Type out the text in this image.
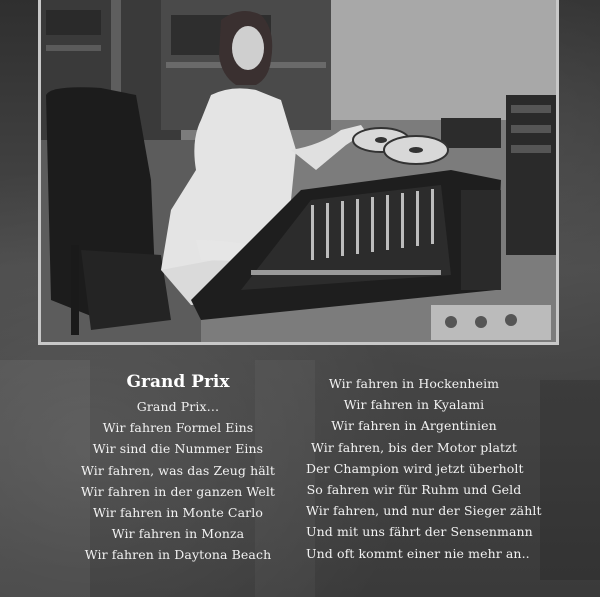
Grand Prix
Grand Prix…
Wir fahren Formel Eins
Wir sind die Nummer Eins
Wir fahren, was das Zeug hält
Wir fahren in der ganzen Welt
Wir fahren in Monte Carlo
Wir fahren in Monza
Wir fahren in Daytona Beach
Wir fahren in Hockenheim
Wir fahren in Kyalami
Wir fahren in Argentinien
Wir fahren, bis der Motor platzt
Der Champion wird jetzt überholt
So fahren wir für Ruhm und Geld
Wir fahren, und nur der Sieger zählt
Und mit uns fährt der Sensenmann
Und oft kommt einer nie mehr an..
